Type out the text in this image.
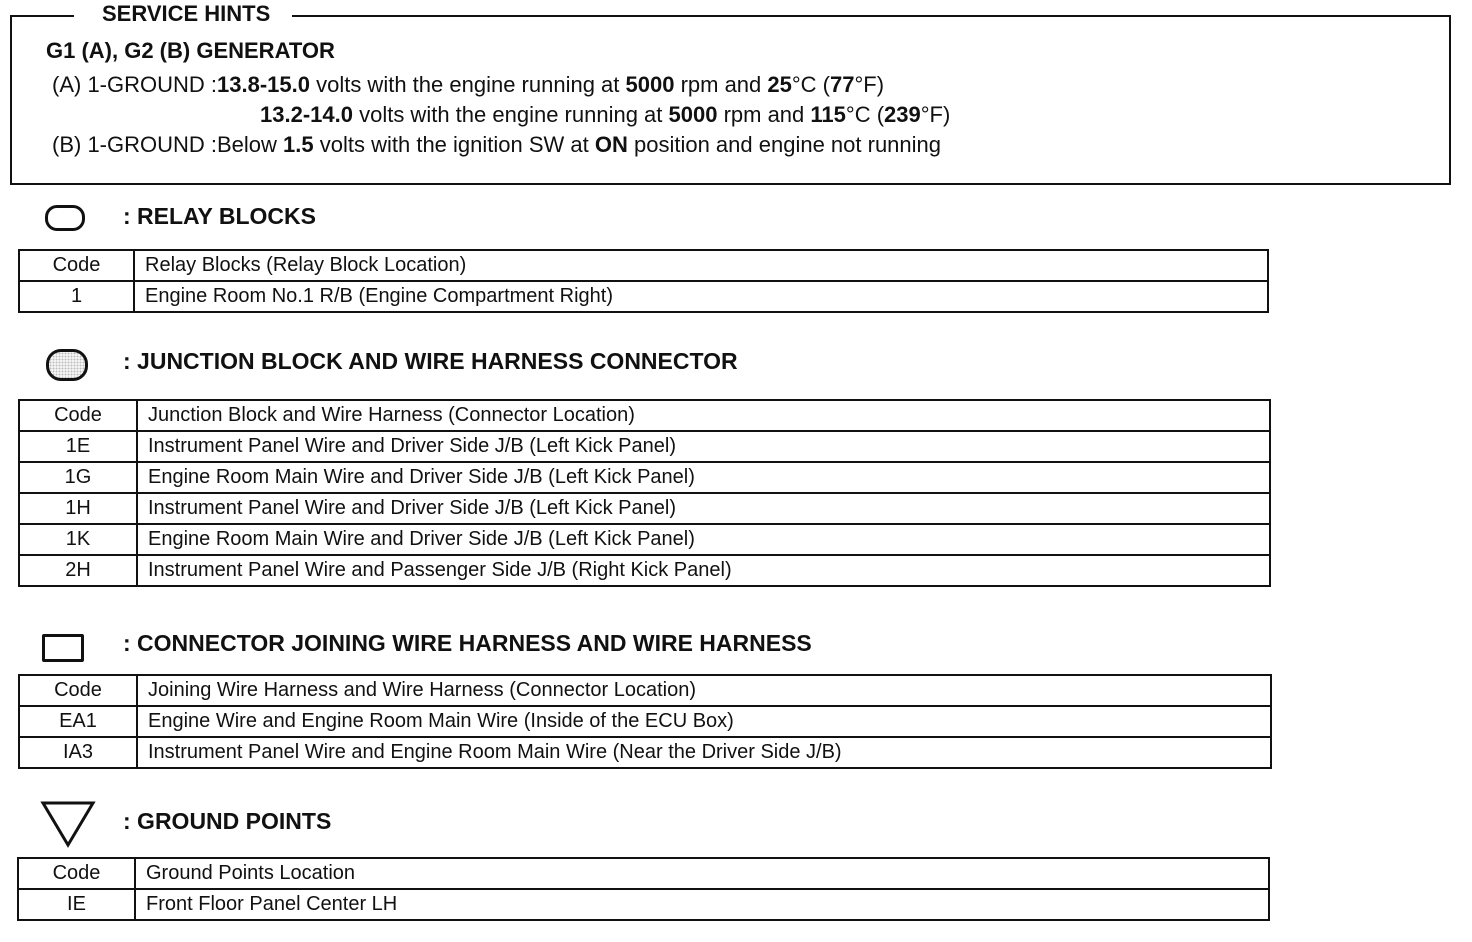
SERVICE HINTS
G1 (A), G2 (B) GENERATOR
(A) 1-GROUND :13.8-15.0 volts with the engine running at 5000 rpm and 25°C (77°F)
13.2-14.0 volts with the engine running at 5000 rpm and 115°C (239°F)
(B) 1-GROUND :Below 1.5 volts with the ignition SW at ON position and engine not running
: RELAY BLOCKS
Code	Relay Blocks (Relay Block Location)
1	Engine Room No.1 R/B (Engine Compartment Right)
: JUNCTION BLOCK AND WIRE HARNESS CONNECTOR
Code	Junction Block and Wire Harness (Connector Location)
1E	Instrument Panel Wire and Driver Side J/B (Left Kick Panel)
1G	Engine Room Main Wire and Driver Side J/B (Left Kick Panel)
1H	Instrument Panel Wire and Driver Side J/B (Left Kick Panel)
1K	Engine Room Main Wire and Driver Side J/B (Left Kick Panel)
2H	Instrument Panel Wire and Passenger Side J/B (Right Kick Panel)
: CONNECTOR JOINING WIRE HARNESS AND WIRE HARNESS
Code	Joining Wire Harness and Wire Harness (Connector Location)
EA1	Engine Wire and Engine Room Main Wire (Inside of the ECU Box)
IA3	Instrument Panel Wire and Engine Room Main Wire (Near the Driver Side J/B)
: GROUND POINTS
Code	Ground Points Location
IE	Front Floor Panel Center LH
